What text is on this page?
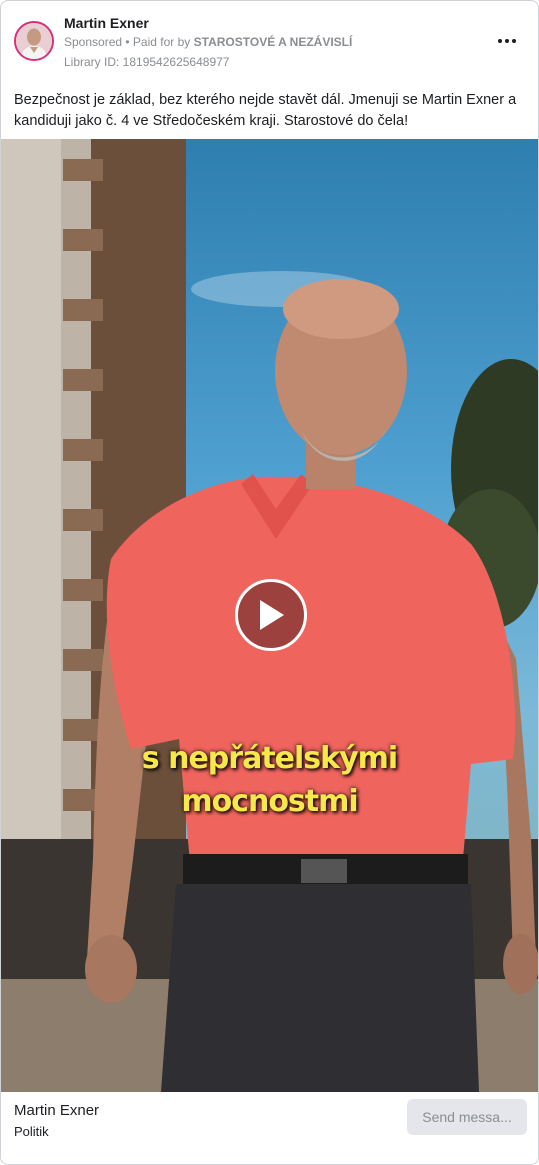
Martin Exner
Sponsored • Paid for by STAROSTOVÉ A NEZÁVISLÍ
Library ID: 1819542625648977
Bezpečnost je základ, bez kterého nejde stavět dál. Jmenuji se Martin Exner a kandiduji jako č. 4 ve Středočeském kraji. Starostové do čela!
s nepřátelskými
mocnostmi
Martin Exner
Politik
Send messa...
